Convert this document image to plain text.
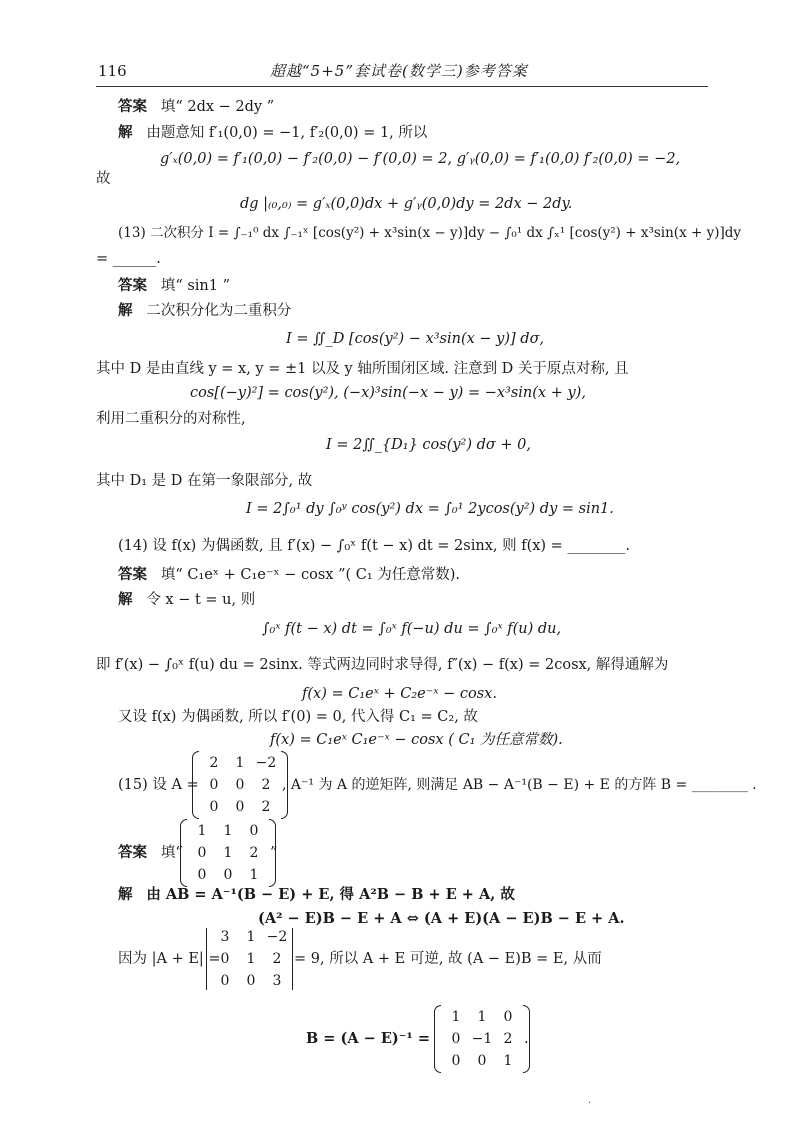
116	超越“5+5”套试卷(数学三)参考答案
答案 填“ 2dx − 2dy ”
解 由题意知 f′₁(0,0) = −1, f′₂(0,0) = 1, 所以
g′ₓ(0,0) = f′₁(0,0) − f′₂(0,0) − f′(0,0) = 2, g′ᵧ(0,0) = f′₁(0,0) f′₂(0,0) = −2,
故
dg |₍₀,₀₎ = g′ₓ(0,0)dx + g′ᵧ(0,0)dy = 2dx − 2dy.
(13) 二次积分 I = ∫₋₁⁰ dx ∫₋₁ˣ [cos(y²) + x³sin(x − y)]dy − ∫₀¹ dx ∫ₓ¹ [cos(y²) + x³sin(x + y)]dy
= ______.
答案 填“ sin1 ”
解 二次积分化为二重积分
I = ∬_D [cos(y²) − x³sin(x − y)] dσ,
其中 D 是由直线 y = x, y = ±1 以及 y 轴所围闭区域. 注意到 D 关于原点对称, 且
cos[(−y)²] = cos(y²), (−x)³sin(−x − y) = −x³sin(x + y),
利用二重积分的对称性,
I = 2∬_{D₁} cos(y²) dσ + 0,
其中 D₁ 是 D 在第一象限部分, 故
I = 2∫₀¹ dy ∫₀ʸ cos(y²) dx = ∫₀¹ 2ycos(y²) dy = sin1.
(14) 设 f(x) 为偶函数, 且 f′(x) − ∫₀ˣ f(t − x) dt = 2sinx, 则 f(x) = ________.
答案 填“ C₁eˣ + C₁e⁻ˣ − cosx ”( C₁ 为任意常数).
解 令 x − t = u, 则
∫₀ˣ f(t − x) dt = ∫₀ˣ f(−u) du = ∫₀ˣ f(u) du,
即 f′(x) − ∫₀ˣ f(u) du = 2sinx. 等式两边同时求导得, f″(x) − f(x) = 2cosx, 解得通解为
f(x) = C₁eˣ + C₂e⁻ˣ − cosx.
又设 f(x) 为偶函数, 所以 f′(0) = 0, 代入得 C₁ = C₂, 故
f(x) = C₁eˣ C₁e⁻ˣ − cosx ( C₁ 为任意常数).
(15) 设 A =
2	1 −2
0	0	2
0	0	2
, A⁻¹ 为 A 的逆矩阵, 则满足 AB − A⁻¹(B − E) + E 的方阵 B = ________ .
答案 填“
1	1	0
0	1	2
0	0	1
”
解 由 AB = A⁻¹(B − E) + E, 得 A²B − B + E + A, 故
(A² − E)B − E + A ⇔ (A + E)(A − E)B − E + A.
因为 |A + E| =
3	1 −2
0	1	2
0	0	3
= 9, 所以 A + E 可逆, 故 (A − E)B = E, 从而
B = (A − E)⁻¹ =
1	1	0
0 −1 2
0	0	1
.
·
